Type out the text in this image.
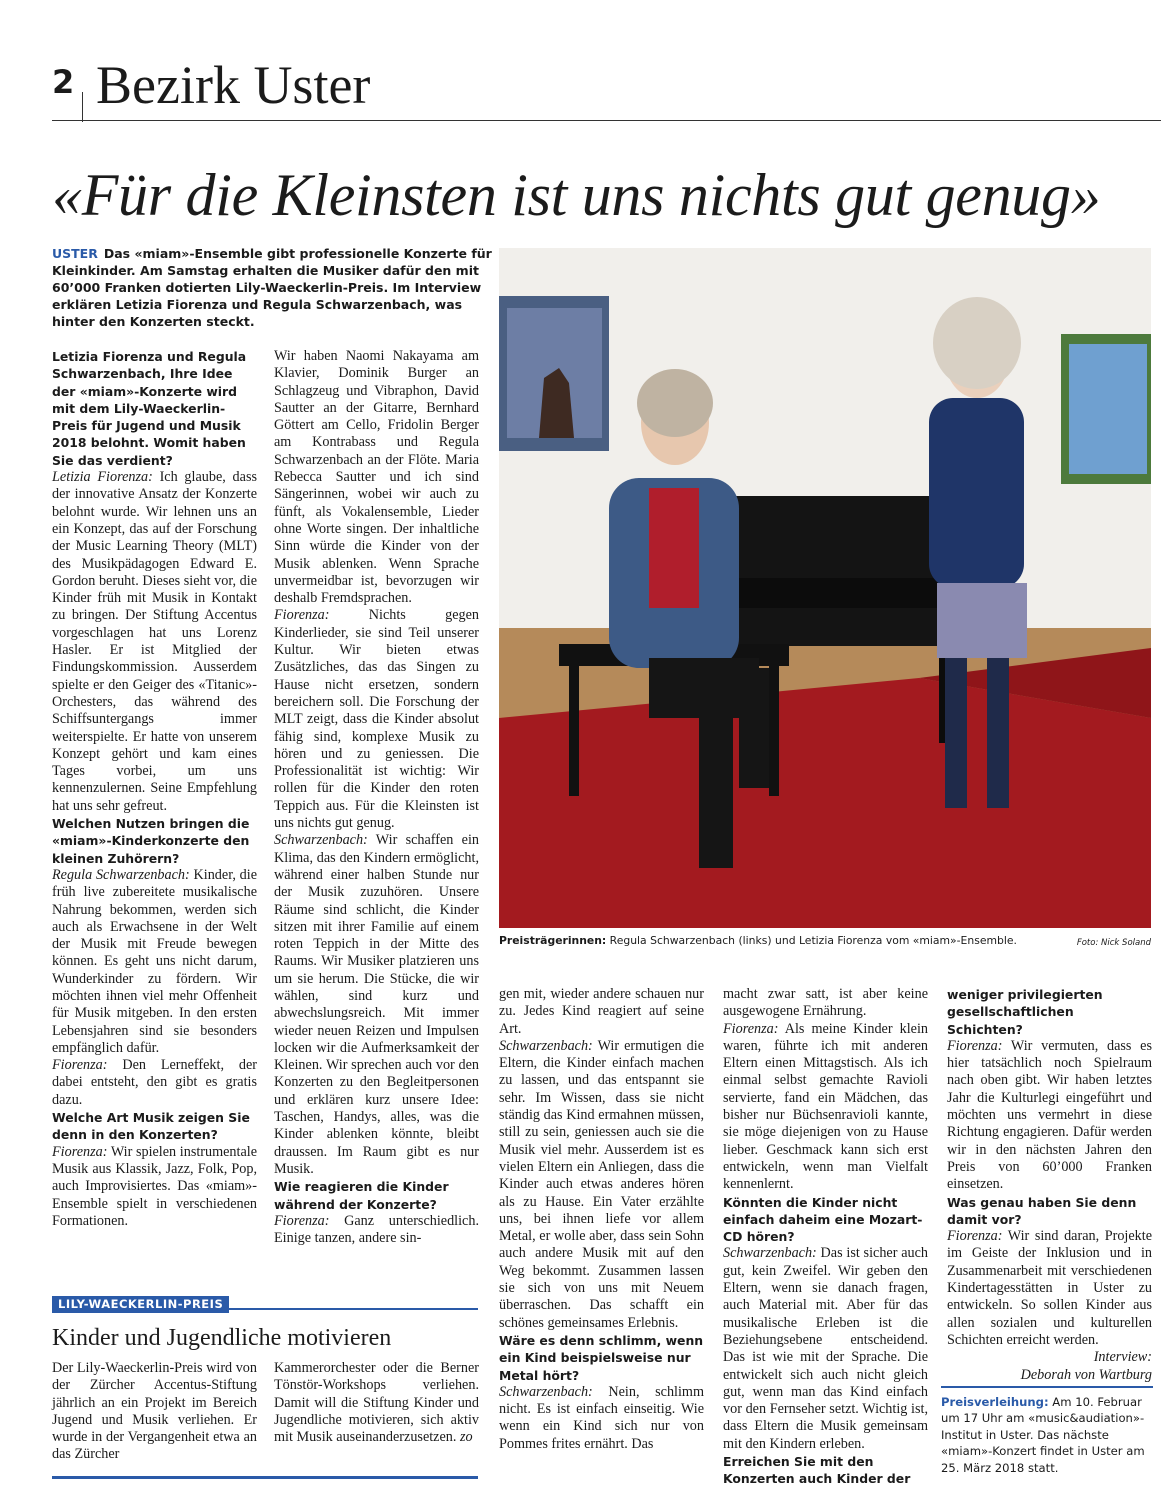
2 Bezirk Uster
«Für die Kleinsten ist uns nichts gut genug»
USTER Das «miam»-Ensemble gibt professionelle Konzerte für Kleinkinder. Am Samstag erhalten die Musiker dafür den mit 60’000 Franken dotierten Lily-Waeckerlin-Preis. Im Interview erklären Letizia Fiorenza und Regula Schwarzenbach, was hinter den Konzerten steckt.

Letizia Fiorenza und Regula Schwarzenbach, Ihre Idee der «miam»-Konzerte wird mit dem Lily-Waeckerlin-Preis für Jugend und Musik 2018 belohnt. Womit haben Sie das verdient?

Letizia Fiorenza: Ich glaube, dass der innovative Ansatz der Konzerte belohnt wurde. Wir lehnen uns an ein Konzept, das auf der Forschung der Music Learning Theory (MLT) des Musikpädagogen Edward E. Gordon beruht. Dieses sieht vor, die Kinder früh mit Musik in Kontakt zu bringen. Der Stiftung Accentus vorgeschlagen hat uns Lorenz Hasler. Er ist Mitglied der Findungskommission. Ausserdem spielte er den Geiger des «Titanic»-Orchesters, das während des Schiffsuntergangs immer weiterspielte. Er hatte von unserem Konzept gehört und kam eines Tages vorbei, um uns kennenzulernen. Seine Empfehlung hat uns sehr gefreut.

Welchen Nutzen bringen die «miam»-Kinderkonzerte den kleinen Zuhörern?

Regula Schwarzenbach: Kinder, die früh live zubereitete musikalische Nahrung bekommen, werden sich auch als Erwachsene in der Welt der Musik mit Freude bewegen können. Es geht uns nicht darum, Wunderkinder zu fördern. Wir möchten ihnen viel mehr Offenheit für Musik mitgeben. In den ersten Lebensjahren sind sie besonders empfänglich dafür.

Fiorenza: Den Lerneffekt, der dabei entsteht, den gibt es gratis dazu.

Welche Art Musik zeigen Sie denn in den Konzerten?

Fiorenza: Wir spielen instrumentale Musik aus Klassik, Jazz, Folk, Pop, auch Improvisiertes. Das «miam»-Ensemble spielt in verschiedenen Formationen.

Wir haben Naomi Nakayama am Klavier, Dominik Burger an Schlagzeug und Vibraphon, David Sautter an der Gitarre, Bernhard Göttert am Cello, Fridolin Berger am Kontrabass und Regula Schwarzenbach an der Flöte. Maria Rebecca Sautter und ich sind Sängerinnen, wobei wir auch zu fünft, als Vokalensemble, Lieder ohne Worte singen. Der inhaltliche Sinn würde die Kinder von der Musik ablenken. Wenn Sprache unvermeidbar ist, bevorzugen wir deshalb Fremdsprachen.

Fiorenza: Nichts gegen Kinderlieder, sie sind Teil unserer Kultur. Wir bieten etwas Zusätzliches, das das Singen zu Hause nicht ersetzen, sondern bereichern soll. Die Forschung der MLT zeigt, dass die Kinder absolut fähig sind, komplexe Musik zu hören und zu geniessen. Die Professionalität ist wichtig: Wir rollen für die Kinder den roten Teppich aus. Für die Kleinsten ist uns nichts gut genug.

Schwarzenbach: Wir schaffen ein Klima, das den Kindern ermöglicht, während einer halben Stunde nur der Musik zuzuhören. Unsere Räume sind schlicht, die Kinder sitzen mit ihrer Familie auf einem roten Teppich in der Mitte des Raums. Wir Musiker platzieren uns um sie herum. Die Stücke, die wir wählen, sind kurz und abwechslungsreich. Mit immer wieder neuen Reizen und Impulsen locken wir die Aufmerksamkeit der Kleinen. Wir sprechen auch vor den Konzerten zu den Begleitpersonen und erklären kurz unsere Idee: Taschen, Handys, alles, was die Kinder ablenken könnte, bleibt draussen. Im Raum gibt es nur Musik.

Wie reagieren die Kinder während der Konzerte?

Fiorenza: Ganz unterschiedlich. Einige tanzen, andere sin-

Preisträgerinnen: Regula Schwarzenbach (links) und Letizia Fiorenza vom «miam»-Ensemble.	Foto: Nick Soland

gen mit, wieder andere schauen nur zu. Jedes Kind reagiert auf seine Art.

Schwarzenbach: Wir ermutigen die Eltern, die Kinder einfach machen zu lassen, und das entspannt sie sehr. Im Wissen, dass sie nicht ständig das Kind ermahnen müssen, still zu sein, geniessen auch sie die Musik viel mehr. Ausserdem ist es vielen Eltern ein Anliegen, dass die Kinder auch etwas anderes hören als zu Hause. Ein Vater erzählte uns, bei ihnen liefe vor allem Metal, er wolle aber, dass sein Sohn auch andere Musik mit auf den Weg bekommt. Zusammen lassen sie sich von uns mit Neuem überraschen. Das schafft ein schönes gemeinsames Erlebnis.

Wäre es denn schlimm, wenn ein Kind beispielsweise nur Metal hört?

Schwarzenbach: Nein, schlimm nicht. Es ist einfach einseitig. Wie wenn ein Kind sich nur von Pommes frites ernährt. Das

macht zwar satt, ist aber keine ausgewogene Ernährung.

Fiorenza: Als meine Kinder klein waren, führte ich mit anderen Eltern einen Mittagstisch. Als ich einmal selbst gemachte Ravioli servierte, fand ein Mädchen, das bisher nur Büchsenravioli kannte, sie möge diejenigen von zu Hause lieber. Geschmack kann sich erst entwickeln, wenn man Vielfalt kennenlernt.

Könnten die Kinder nicht einfach daheim eine Mozart-CD hören?

Schwarzenbach: Das ist sicher auch gut, kein Zweifel. Wir geben den Eltern, wenn sie danach fragen, auch Material mit. Aber für das musikalische Erleben ist die Beziehungsebene entscheidend. Das ist wie mit der Sprache. Die entwickelt sich auch nicht gleich gut, wenn man das Kind einfach vor den Fernseher setzt. Wichtig ist, dass Eltern die Musik gemeinsam mit den Kindern erleben.

Erreichen Sie mit den Konzerten auch Kinder der

weniger privilegierten gesellschaftlichen Schichten?

Fiorenza: Wir vermuten, dass es hier tatsächlich noch Spielraum nach oben gibt. Wir haben letztes Jahr die Kulturlegi eingeführt und möchten uns vermehrt in diese Richtung engagieren. Dafür werden wir in den nächsten Jahren den Preis von 60’000 Franken einsetzen.

Was genau haben Sie denn damit vor?

Fiorenza: Wir sind daran, Projekte im Geiste der Inklusion und in Zusammenarbeit mit verschiedenen Kindertagesstätten in Uster zu entwickeln. So sollen Kinder aus allen sozialen und kulturellen Schichten erreicht werden.

Interview:

Deborah von Wartburg

Preisverleihung: Am 10. Februar um 17 Uhr am «music&audiation»-Institut in Uster. Das nächste «miam»-Konzert findet in Uster am 25. März 2018 statt.
LILY-WAECKERLIN-PREIS
Kinder und Jugendliche motivieren

Der Lily-Waeckerlin-Preis wird von der Zürcher Accentus-Stiftung jährlich an ein Projekt im Bereich Jugend und Musik verliehen. Er wurde in der Vergangenheit etwa an das Zürcher

Kammerorchester oder die Berner Tönstör-Workshops verliehen. Damit will die Stiftung Kinder und Jugendliche motivieren, sich aktiv mit Musik auseinanderzusetzen. zo
